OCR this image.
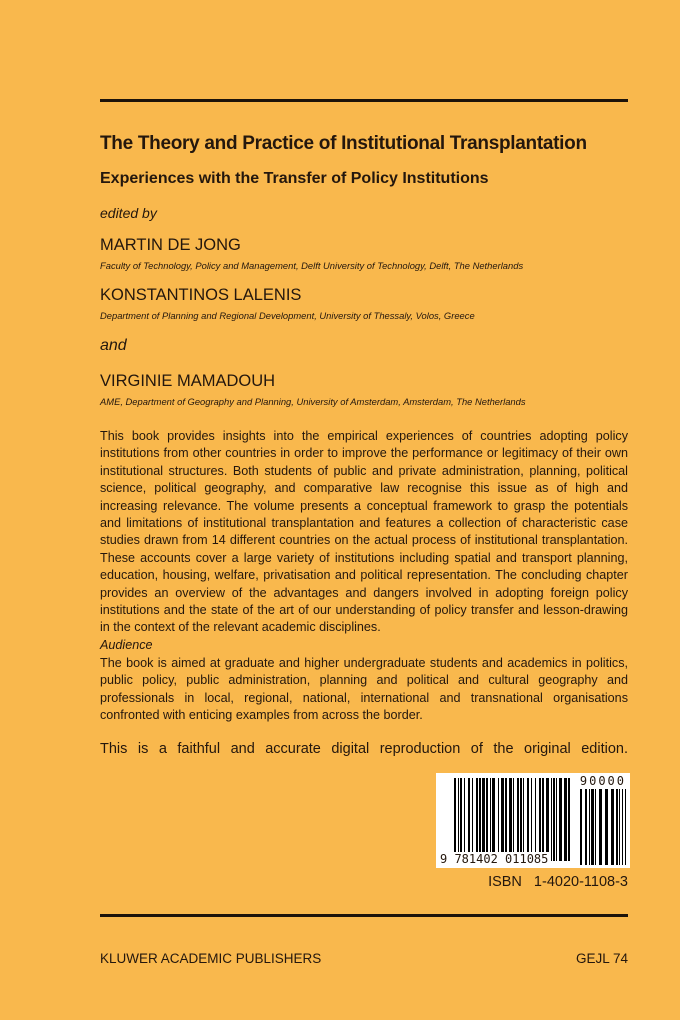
The Theory and Practice of Institutional Transplantation
Experiences with the Transfer of Policy Institutions
edited by
MARTIN DE JONG
Faculty of Technology, Policy and Management, Delft University of Technology, Delft, The Netherlands
KONSTANTINOS LALENIS
Department of Planning and Regional Development, University of Thessaly, Volos, Greece
and
VIRGINIE MAMADOUH
AME, Department of Geography and Planning, University of Amsterdam, Amsterdam, The Netherlands
This book provides insights into the empirical experiences of countries adopting policy institutions from other countries in order to improve the performance or legitimacy of their own institutional structures. Both students of public and private administration, planning, political science, political geography, and comparative law recognise this issue as of high and increasing relevance. The volume presents a conceptual framework to grasp the potentials and limitations of institutional transplantation and features a collection of characteristic case studies drawn from 14 different countries on the actual process of institutional transplantation. These accounts cover a large variety of institutions including spatial and transport planning, education, housing, welfare, privatisation and political representation. The concluding chapter provides an overview of the advantages and dangers involved in adopting foreign policy institutions and the state of the art of our understanding of policy transfer and lesson-drawing in the context of the relevant academic disciplines.
Audience
The book is aimed at graduate and higher undergraduate students and academics in politics, public policy, public administration, planning and political and cultural geography and professionals in local, regional, national, international and transnational organisations confronted with enticing examples from across the border.
This is a faithful and accurate digital reproduction of the original edition.
9 781402 011085
90000
ISBN 1-4020-1108-3
KLUWER ACADEMIC PUBLISHERS	GEJL 74
